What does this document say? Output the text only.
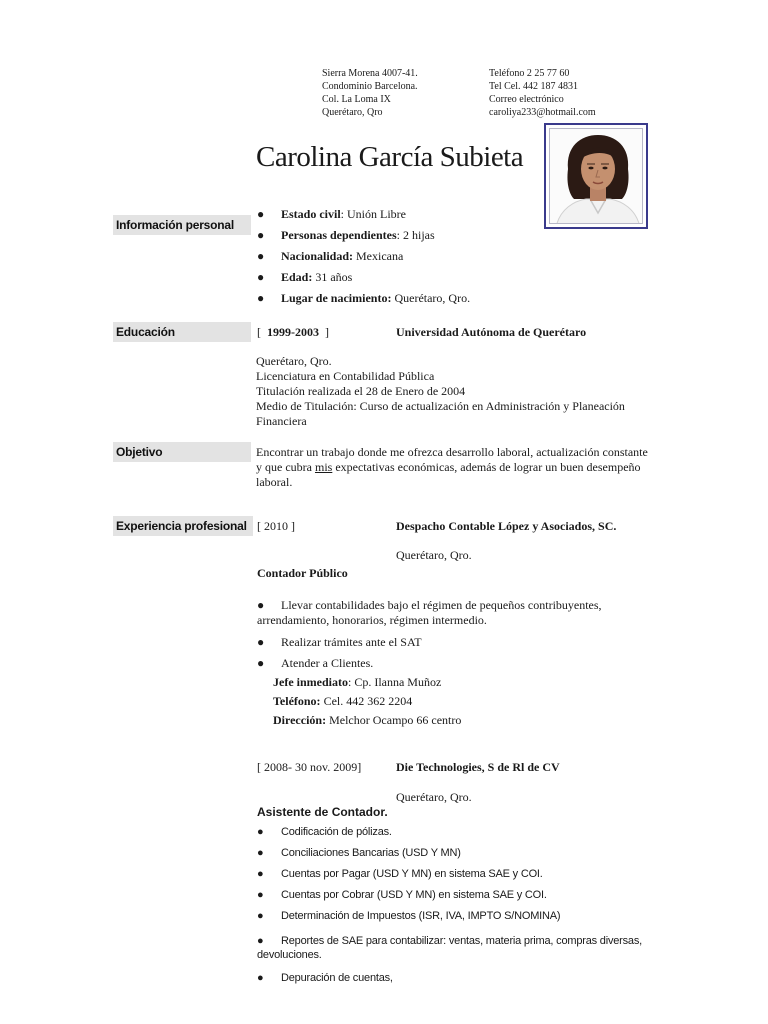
Sierra Morena 4007-41.
Condominio Barcelona.
Col. La Loma IX
Querétaro, Qro
Teléfono 2 25 77 60
Tel Cel. 442 187 4831
Correo electrónico
caroliya233@hotmail.com
Carolina García Subieta
Información personal
● Estado civil: Unión Libre
● Personas dependientes: 2 hijas
● Nacionalidad: Mexicana
● Edad: 31 años
● Lugar de nacimiento: Querétaro, Qro.
Educación	[ 1999-2003 ]	Universidad Autónoma de Querétaro
Querétaro, Qro.
Licenciatura en Contabilidad Pública
Titulación realizada el 28 de Enero de 2004
Medio de Titulación: Curso de actualización en Administración y Planeación
Financiera
Objetivo	Encontrar un trabajo donde me ofrezca desarrollo laboral, actualización constante
y que cubra mis expectativas económicas, además de lograr un buen desempeño
laboral.
Experiencia profesional [ 2010 ]	Despacho Contable López y Asociados, SC.
Querétaro, Qro.
Contador Público
● Llevar contabilidades bajo el régimen de pequeños contribuyentes,
arrendamiento, honorarios, régimen intermedio.
● Realizar trámites ante el SAT
● Atender a Clientes.
Jefe inmediato: Cp. Ilanna Muñoz
Teléfono: Cel. 442 362 2204
Dirección: Melchor Ocampo 66 centro
[ 2008- 30 nov. 2009]	Die Technologies, S de Rl de CV
Querétaro, Qro.
Asistente de Contador.
● Codificación de pólizas.
● Conciliaciones Bancarias (USD Y MN)
● Cuentas por Pagar (USD Y MN) en sistema SAE y COI.
● Cuentas por Cobrar (USD Y MN) en sistema SAE y COI.
● Determinación de Impuestos (ISR, IVA, IMPTO S/NOMINA)
● Reportes de SAE para contabilizar: ventas, materia prima, compras diversas,
devoluciones.
● Depuración de cuentas,
